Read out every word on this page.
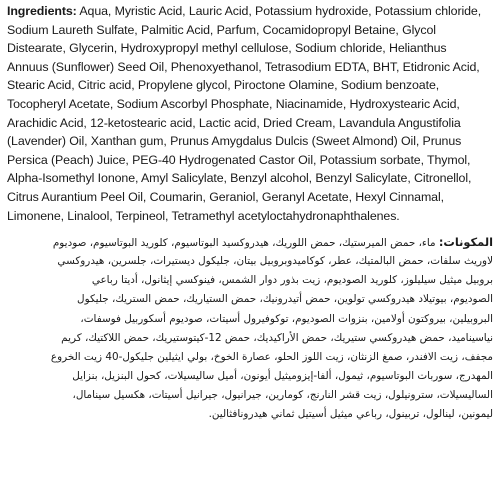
Ingredients: Aqua, Myristic Acid, Lauric Acid, Potassium hydroxide, Potassium chloride,
Sodium Laureth Sulfate, Palmitic Acid, Parfum, Cocamidopropyl Betaine, Glycol
Distearate, Glycerin, Hydroxypropyl methyl cellulose, Sodium chloride, Helianthus
Annuus (Sunflower) Seed Oil, Phenoxyethanol, Tetrasodium EDTA, BHT, Etidronic Acid,
Stearic Acid, Citric acid, Propylene glycol, Piroctone Olamine, Sodium benzoate,
Tocopheryl Acetate, Sodium Ascorbyl Phosphate, Niacinamide, Hydroxystearic Acid,
Arachidic Acid, 12-ketostearic acid, Lactic acid, Dried Cream, Lavandula Angustifolia
(Lavender) Oil, Xanthan gum, Prunus Amygdalus Dulcis (Sweet Almond) Oil, Prunus
Persica (Peach) Juice, PEG-40 Hydrogenated Castor Oil, Potassium sorbate, Thymol,
Alpha-Isomethyl Ionone, Amyl Salicylate, Benzyl alcohol, Benzyl Salicylate, Citronellol,
Citrus Aurantium Peel Oil, Coumarin, Geraniol, Geranyl Acetate, Hexyl Cinnamal,
Limonene, Linalool, Terpineol, Tetramethyl acetyloctahydronaphthalenes.
المكونات: ماء، حمض الميرستيك، حمض اللوريك، هيدروكسيد البوتاسيوم، كلوريد البوتاسيوم، صوديوم
لاوريث سلفات، حمض البالمتيك، عطر، كوكاميدوبروبيل بيتان، جليكول ديستيرات، جلسرين، هيدروكسي
بروبيل ميثيل سيليلوز، كلوريد الصوديوم، زيت بذور دوار الشمس، فينوكسي إيثانول، أديتا رباعي
الصوديوم، بيوتيلاد هيدروكسي تولوين، حمض أتيدرونيك، حمض الستياريك، حمض الستريك، جليكول
البروبيلين، بيروكتون أولامين، بنزوات الصوديوم، توكوفيرول أسيتات، صوديوم أسكوربيل فوسفات،
نياسيناميد، حمض هيدروكسي ستيريك، حمض الأراكيديك، حمض 12-كيتوستيريك، حمض اللاكتيك، كريم
مجفف، زيت الافندر، صمغ الزنثان، زيت اللوز الحلو، عصارة الخوخ، بولي ايثيلين جليكول-40 زيت الخروع
المهدرج، سوربات البوتاسيوم، ثيمول، ألفا-إيزوميثيل أيونون، أميل ساليسيلات، كحول البنزيل، بنزايل
الساليسيلات، سترونيلول، زيت قشر النارنج، كومارين، جيرانيول، جيرانيل أسيتات، هكسيل سينامال،
ليمونين، لينالول، تربينول، رباعي ميثيل أسيتيل ثماني هيدرونافثالين.
